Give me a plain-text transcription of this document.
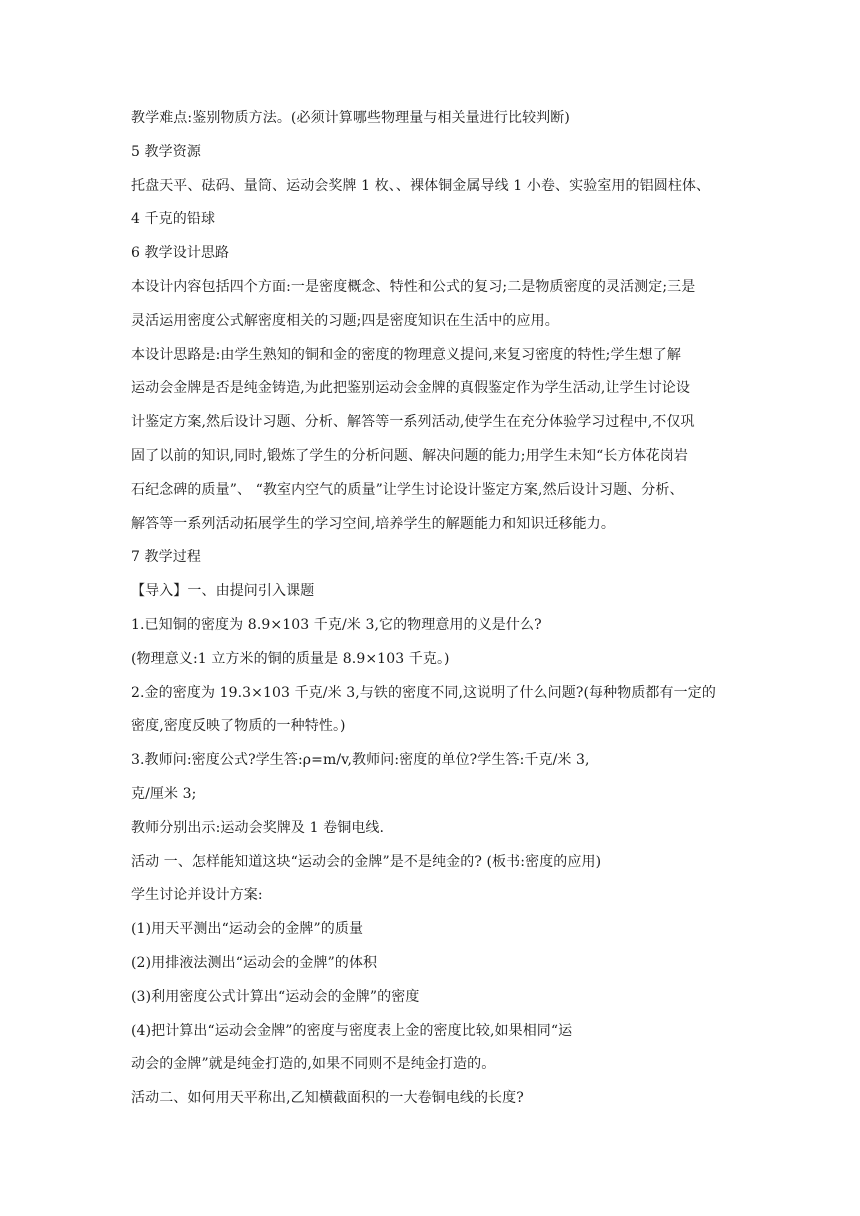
教学难点:鉴别物质方法。(必须计算哪些物理量与相关量进行比较判断)
5 教学资源
托盘天平、砝码、量筒、运动会奖牌 1 枚、、裸体铜金属导线 1 小卷、实验室用的铝圆柱体、
4 千克的铅球
6 教学设计思路
本设计内容包括四个方面:一是密度概念、特性和公式的复习;二是物质密度的灵活测定;三是
灵活运用密度公式解密度相关的习题;四是密度知识在生活中的应用。
本设计思路是:由学生熟知的铜和金的密度的物理意义提问,来复习密度的特性;学生想了解
运动会金牌是否是纯金铸造,为此把鉴别运动会金牌的真假鉴定作为学生活动,让学生讨论设
计鉴定方案,然后设计习题、分析、解答等一系列活动,使学生在充分体验学习过程中,不仅巩
固了以前的知识,同时,锻炼了学生的分析问题、解决问题的能力;用学生未知“长方体花岗岩
石纪念碑的质量”、 “教室内空气的质量”让学生讨论设计鉴定方案,然后设计习题、分析、
解答等一系列活动拓展学生的学习空间,培养学生的解题能力和知识迁移能力。
7 教学过程
【导入】一、由提问引入课题
1.已知铜的密度为 8.9×103 千克/米 3,它的物理意用的义是什么?
(物理意义:1 立方米的铜的质量是 8.9×103 千克。)
2.金的密度为 19.3×103 千克/米 3,与铁的密度不同,这说明了什么问题?(每种物质都有一定的
密度,密度反映了物质的一种特性。)
3.教师问:密度公式?学生答:ρ=m/v,教师问:密度的单位?学生答:千克/米 3,
克/厘米 3;
教师分别出示:运动会奖牌及 1 卷铜电线.
活动 一、怎样能知道这块“运动会的金牌”是不是纯金的? (板书:密度的应用)
学生讨论并设计方案:
(1)用天平测出“运动会的金牌”的质量
(2)用排液法测出“运动会的金牌”的体积
(3)利用密度公式计算出“运动会的金牌”的密度
(4)把计算出“运动会金牌”的密度与密度表上金的密度比较,如果相同“运
动会的金牌”就是纯金打造的,如果不同则不是纯金打造的。
活动二、如何用天平称出,乙知横截面积的一大卷铜电线的长度?
